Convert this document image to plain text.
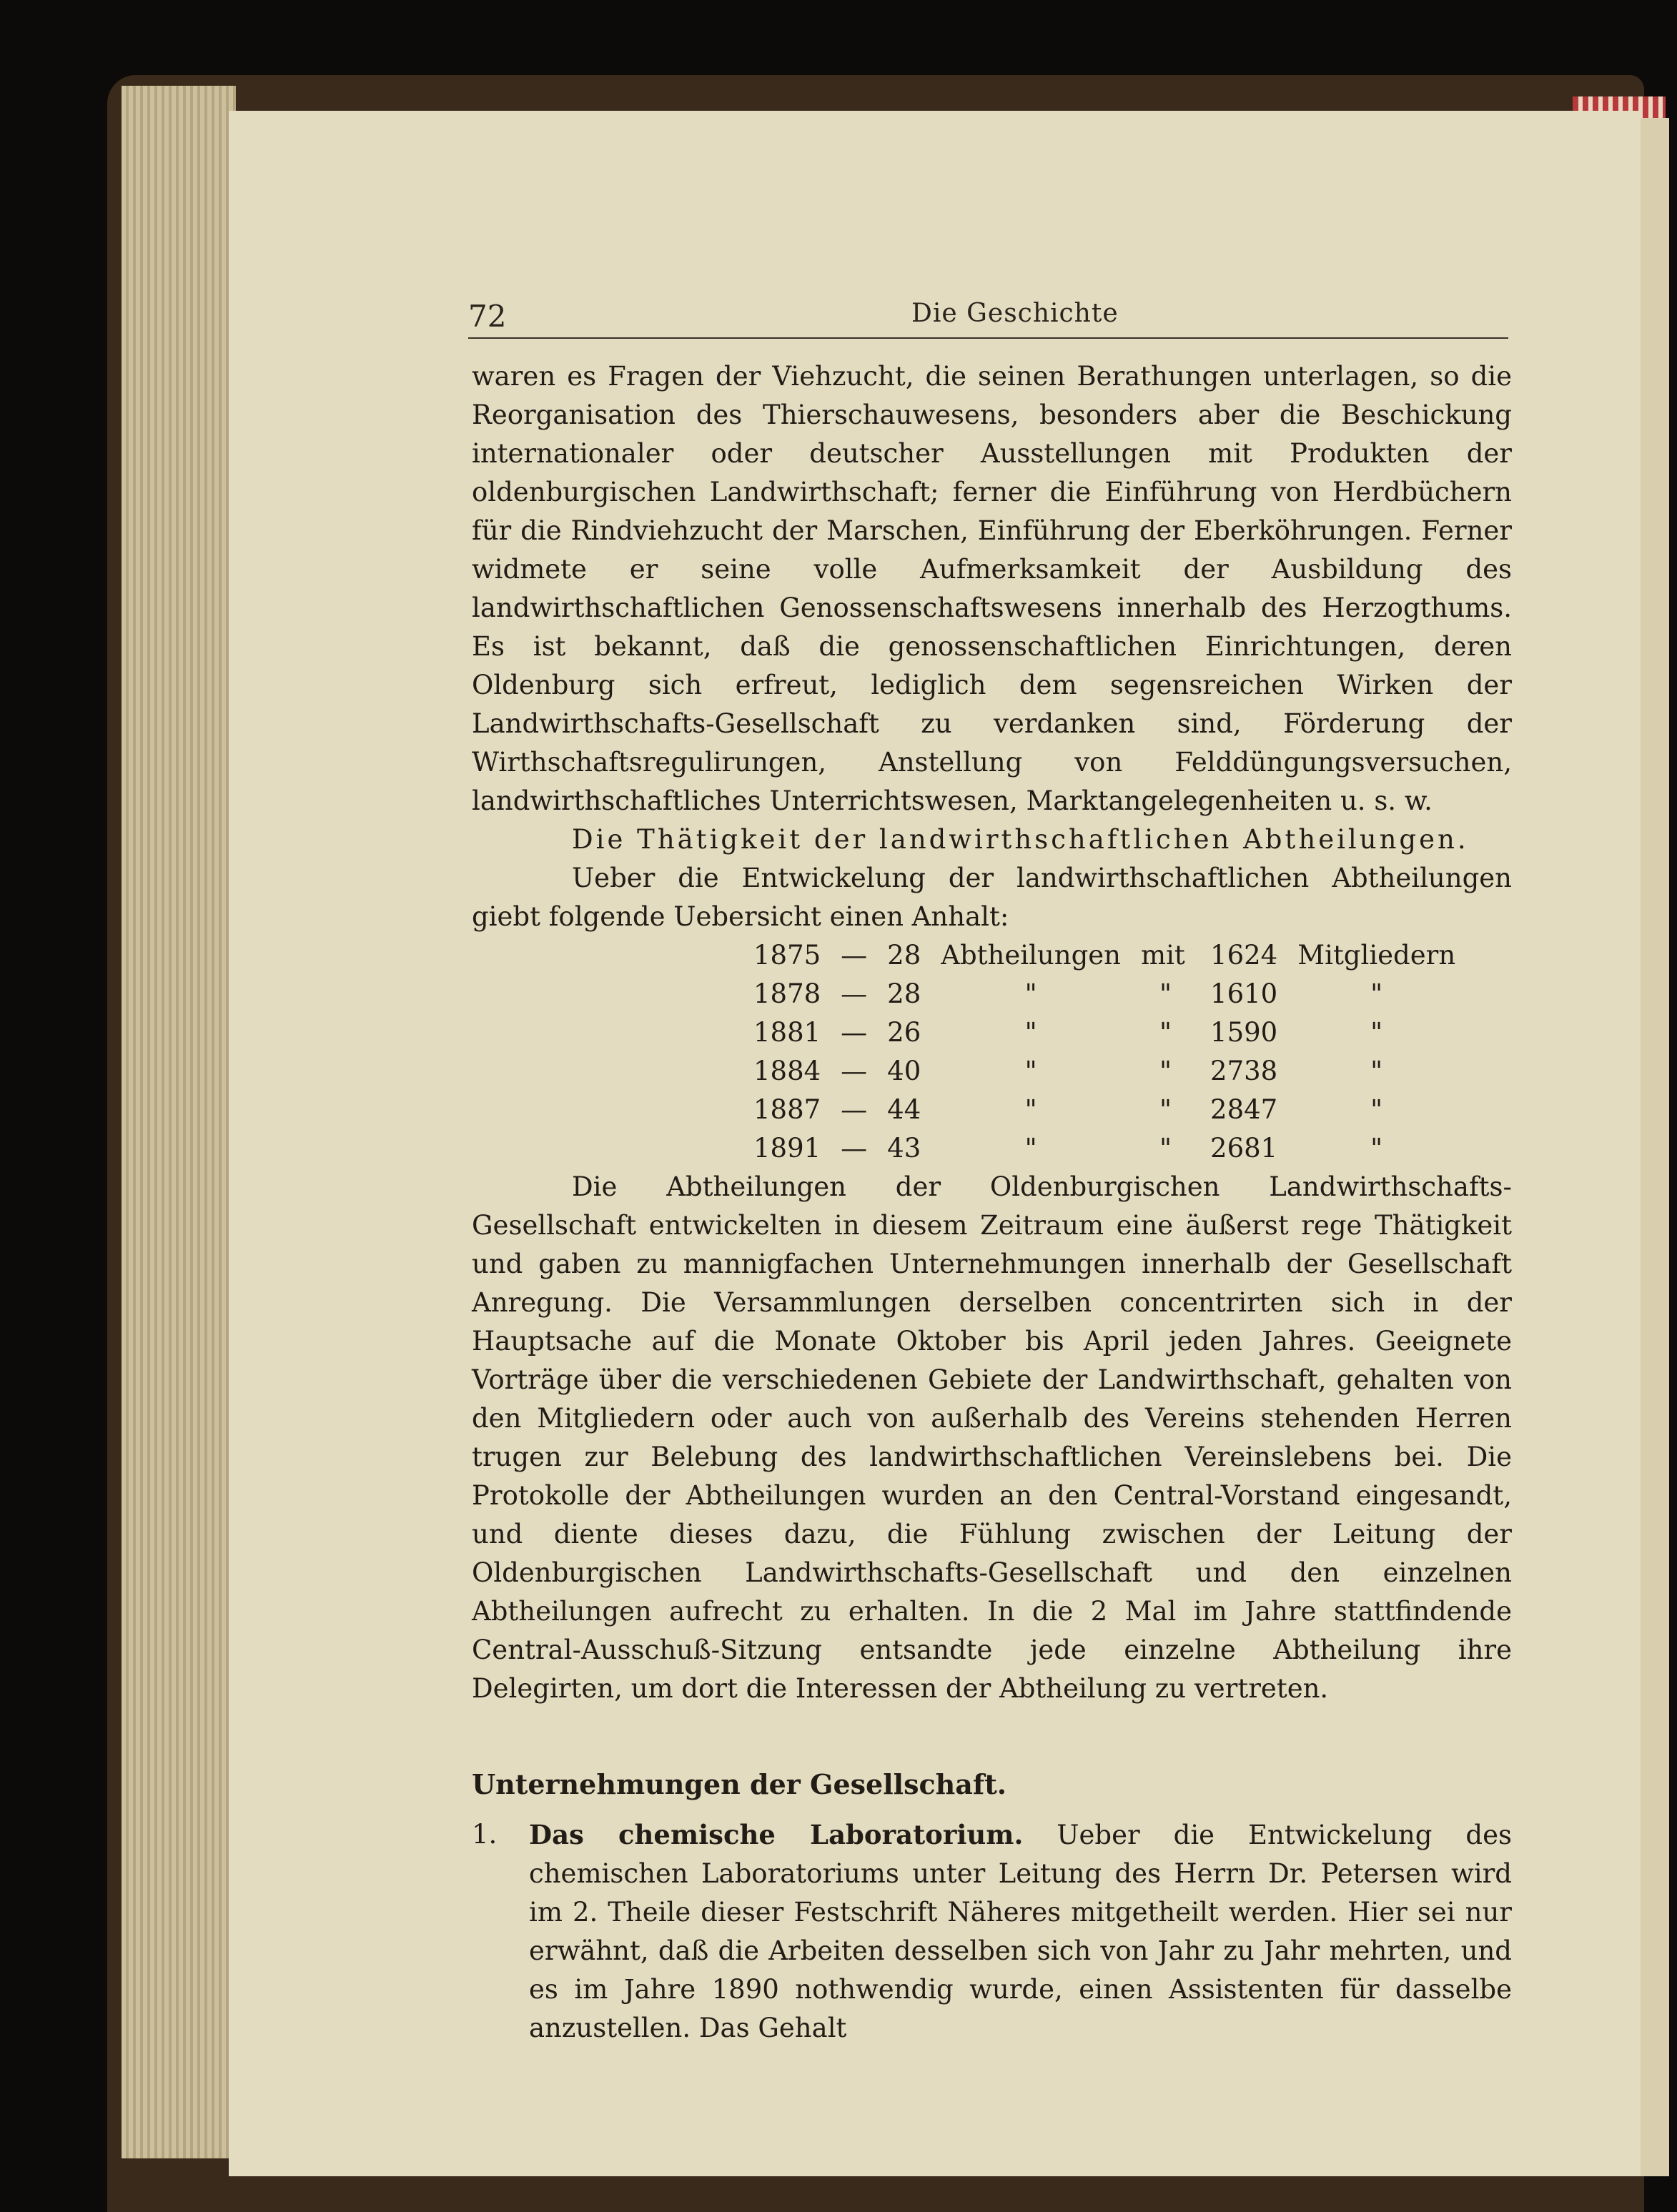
72	Die Geschichte

waren es Fragen der Viehzucht, die seinen Berathungen unterlagen, so die Reorganisation des Thierschauwesens, besonders aber die Beschickung internationaler oder deutscher Ausstellungen mit Produkten der oldenburgischen Landwirthschaft; ferner die Einführung von Herdbüchern für die Rindviehzucht der Marschen, Einführung der Eberköhrungen. Ferner widmete er seine volle Aufmerksamkeit der Ausbildung des landwirthschaftlichen Genossenschaftswesens innerhalb des Herzogthums. Es ist bekannt, daß die genossenschaftlichen Einrichtungen, deren Oldenburg sich erfreut, lediglich dem segensreichen Wirken der Landwirthschafts-Gesellschaft zu verdanken sind, Förderung der Wirthschaftsregulirungen, Anstellung von Felddüngungsversuchen, landwirthschaftliches Unterrichtswesen, Marktangelegenheiten u. s. w.

Die Thätigkeit der landwirthschaftlichen Abtheilungen.

Ueber die Entwickelung der landwirthschaftlichen Abtheilungen giebt folgende Uebersicht einen Anhalt:

1875	—	28	Abtheilungen	mit	1624	Mitgliedern
1878	—	28	"	"	1610	"
1881	—	26	"	"	1590	"
1884	—	40	"	"	2738	"
1887	—	44	"	"	2847	"
1891	—	43	"	"	2681	"

Die Abtheilungen der Oldenburgischen Landwirthschafts-Gesellschaft entwickelten in diesem Zeitraum eine äußerst rege Thätigkeit und gaben zu mannigfachen Unternehmungen innerhalb der Gesellschaft Anregung. Die Versammlungen derselben concentrirten sich in der Hauptsache auf die Monate Oktober bis April jeden Jahres. Geeignete Vorträge über die verschiedenen Gebiete der Landwirthschaft, gehalten von den Mitgliedern oder auch von außerhalb des Vereins stehenden Herren trugen zur Belebung des landwirthschaftlichen Vereinslebens bei. Die Protokolle der Abtheilungen wurden an den Central-Vorstand eingesandt, und diente dieses dazu, die Fühlung zwischen der Leitung der Oldenburgischen Landwirthschafts-Gesellschaft und den einzelnen Abtheilungen aufrecht zu erhalten. In die 2 Mal im Jahre stattfindende Central-Ausschuß-Sitzung entsandte jede einzelne Abtheilung ihre Delegirten, um dort die Interessen der Abtheilung zu vertreten.

Unternehmungen der Gesellschaft.

1. Das chemische Laboratorium. Ueber die Entwickelung des chemischen Laboratoriums unter Leitung des Herrn Dr. Petersen wird im 2. Theile dieser Festschrift Näheres mitgetheilt werden. Hier sei nur erwähnt, daß die Arbeiten desselben sich von Jahr zu Jahr mehrten, und es im Jahre 1890 nothwendig wurde, einen Assistenten für dasselbe anzustellen. Das Gehalt
